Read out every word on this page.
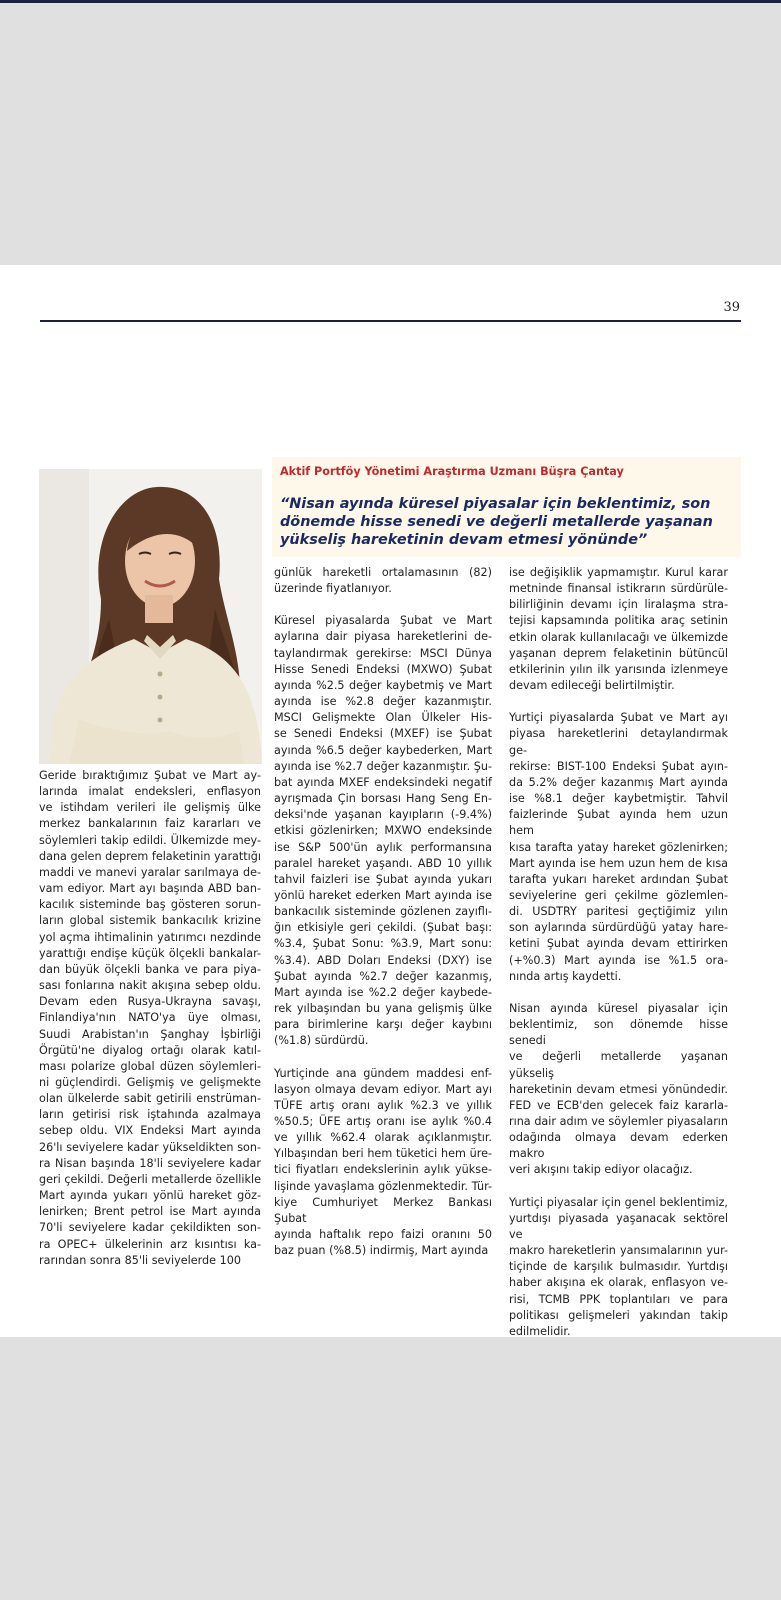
39
Aktif Portföy Yönetimi Araştırma Uzmanı Büşra Çantay
“Nisan ayında küresel piyasalar için beklentimiz, son
dönemde hisse senedi ve değerli metallerde yaşanan
yükseliş hareketinin devam etmesi yönünde”
Geride bıraktığımız Şubat ve Mart ay-
larında imalat endeksleri, enflasyon
ve istihdam verileri ile gelişmiş ülke
merkez bankalarının faiz kararları ve
söylemleri takip edildi. Ülkemizde mey-
dana gelen deprem felaketinin yarattığı
maddi ve manevi yaralar sarılmaya de-
vam ediyor. Mart ayı başında ABD ban-
kacılık sisteminde baş gösteren sorun-
ların global sistemik bankacılık krizine
yol açma ihtimalinin yatırımcı nezdinde
yarattığı endişe küçük ölçekli bankalar-
dan büyük ölçekli banka ve para piya-
sası fonlarına nakit akışına sebep oldu.
Devam eden Rusya-Ukrayna savaşı,
Finlandiya'nın NATO'ya üye olması,
Suudi Arabistan'ın Şanghay İşbirliği
Örgütü'ne diyalog ortağı olarak katıl-
ması polarize global düzen söylemleri-
ni güçlendirdi. Gelişmiş ve gelişmekte
olan ülkelerde sabit getirili enstrüman-
ların getirisi risk iştahında azalmaya
sebep oldu. VIX Endeksi Mart ayında
26'lı seviyelere kadar yükseldikten son-
ra Nisan başında 18'li seviyelere kadar
geri çekildi. Değerli metallerde özellikle
Mart ayında yukarı yönlü hareket göz-
lenirken; Brent petrol ise Mart ayında
70'li seviyelere kadar çekildikten son-
ra OPEC+ ülkelerinin arz kısıntısı ka-
rarından sonra 85'li seviyelerde 100
günlük hareketli ortalamasının (82)
üzerinde fiyatlanıyor.
Küresel piyasalarda Şubat ve Mart
aylarına dair piyasa hareketlerini de-
taylandırmak gerekirse: MSCI Dünya
Hisse Senedi Endeksi (MXWO) Şubat
ayında %2.5 değer kaybetmiş ve Mart
ayında ise %2.8 değer kazanmıştır.
MSCI Gelişmekte Olan Ülkeler His-
se Senedi Endeksi (MXEF) ise Şubat
ayında %6.5 değer kaybederken, Mart
ayında ise %2.7 değer kazanmıştır. Şu-
bat ayında MXEF endeksindeki negatif
ayrışmada Çin borsası Hang Seng En-
deksi'nde yaşanan kayıpların (-9.4%)
etkisi gözlenirken; MXWO endeksinde
ise S&P 500'ün aylık performansına
paralel hareket yaşandı. ABD 10 yıllık
tahvil faizleri ise Şubat ayında yukarı
yönlü hareket ederken Mart ayında ise
bankacılık sisteminde gözlenen zayıflı-
ğın etkisiyle geri çekildi. (Şubat başı:
%3.4, Şubat Sonu: %3.9, Mart sonu:
%3.4). ABD Doları Endeksi (DXY) ise
Şubat ayında %2.7 değer kazanmış,
Mart ayında ise %2.2 değer kaybede-
rek yılbaşından bu yana gelişmiş ülke
para birimlerine karşı değer kaybını
(%1.8) sürdürdü.
Yurtiçinde ana gündem maddesi enf-
lasyon olmaya devam ediyor. Mart ayı
TÜFE artış oranı aylık %2.3 ve yıllık
%50.5; ÜFE artış oranı ise aylık %0.4
ve yıllık %62.4 olarak açıklanmıştır.
Yılbaşından beri hem tüketici hem üre-
tici fiyatları endekslerinin aylık yükse-
lişinde yavaşlama gözlenmektedir. Tür-
kiye Cumhuriyet Merkez Bankası Şubat
ayında haftalık repo faizi oranını 50
baz puan (%8.5) indirmiş, Mart ayında
ise değişiklik yapmamıştır. Kurul karar
metninde finansal istikrarın sürdürüle-
bilirliğinin devamı için liralaşma stra-
tejisi kapsamında politika araç setinin
etkin olarak kullanılacağı ve ülkemizde
yaşanan deprem felaketinin bütüncül
etkilerinin yılın ilk yarısında izlenmeye
devam edileceği belirtilmiştir.
Yurtiçi piyasalarda Şubat ve Mart ayı
piyasa hareketlerini detaylandırmak ge-
rekirse: BIST-100 Endeksi Şubat ayın-
da 5.2% değer kazanmış Mart ayında
ise %8.1 değer kaybetmiştir. Tahvil
faizlerinde Şubat ayında hem uzun hem
kısa tarafta yatay hareket gözlenirken;
Mart ayında ise hem uzun hem de kısa
tarafta yukarı hareket ardından Şubat
seviyelerine geri çekilme gözlemlen-
di. USDTRY paritesi geçtiğimiz yılın
son aylarında sürdürdüğü yatay hare-
ketini Şubat ayında devam ettirirken
(+%0.3) Mart ayında ise %1.5 ora-
nında artış kaydetti.
Nisan ayında küresel piyasalar için
beklentimiz, son dönemde hisse senedi
ve değerli metallerde yaşanan yükseliş
hareketinin devam etmesi yönündedir.
FED ve ECB'den gelecek faiz kararla-
rına dair adım ve söylemler piyasaların
odağında olmaya devam ederken makro
veri akışını takip ediyor olacağız.
Yurtiçi piyasalar için genel beklentimiz,
yurtdışı piyasada yaşanacak sektörel ve
makro hareketlerin yansımalarının yur-
tiçinde de karşılık bulmasıdır. Yurtdışı
haber akışına ek olarak, enflasyon ve-
risi, TCMB PPK toplantıları ve para
politikası gelişmeleri yakından takip
edilmelidir.
